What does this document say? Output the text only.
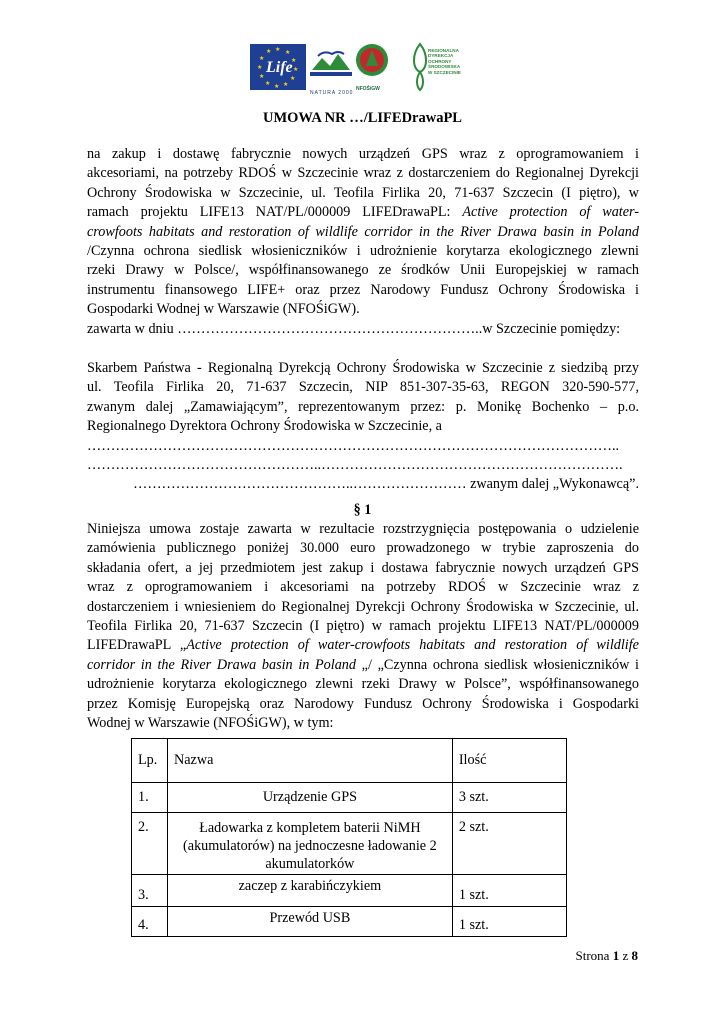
★ ★
★
★
★
★
★
★
★
★
★
★
Life
NATURA 2000
NFOŚiGW
REGIONALNA
DYREKCJA
OCHRONY
ŚRODOWISKA
W SZCZECINIE
UMOWA NR …/LIFEDrawaPL
na zakup i dostawę fabrycznie nowych urządzeń GPS wraz z oprogramowaniem i
akcesoriami, na potrzeby RDOŚ w Szczecinie wraz z dostarczeniem do Regionalnej Dyrekcji
Ochrony Środowiska w Szczecinie, ul. Teofila Firlika 20, 71-637 Szczecin (I piętro), w
ramach projektu LIFE13 NAT/PL/000009 LIFEDrawaPL: Active protection of water-
crowfoots habitats and restoration of wildlife corridor in the River Drawa basin in Poland
/Czynna ochrona siedlisk włosieniczników i udrożnienie korytarza ekologicznego zlewni
rzeki Drawy w Polsce/, współfinansowanego ze środków Unii Europejskiej w ramach
instrumentu finansowego LIFE+ oraz przez Narodowy Fundusz Ochrony Środowiska i
Gospodarki Wodnej w Warszawie (NFOŚiGW).
zawarta w dniu ………………………………………………………..w Szczecinie pomiędzy:
Skarbem Państwa - Regionalną Dyrekcją Ochrony Środowiska w Szczecinie z siedzibą przy
ul. Teofila Firlika 20, 71-637 Szczecin, NIP 851-307-35-63, REGON 320-590-577,
zwanym dalej „Zamawiającym”, reprezentowanym przez: p. Monikę Bochenko – p.o.
Regionalnego Dyrektora Ochrony Środowiska w Szczecinie, a
…………………………………………………………………………………………………..
…………………………………………..……………………………………………………….
………………………………………..…………………… zwanym dalej „Wykonawcą”.
§ 1
Niniejsza umowa zostaje zawarta w rezultacie rozstrzygnięcia postępowania o udzielenie
zamówienia publicznego poniżej 30.000 euro prowadzonego w trybie zaproszenia do
składania ofert, a jej przedmiotem jest zakup i dostawa fabrycznie nowych urządzeń GPS
wraz z oprogramowaniem i akcesoriami na potrzeby RDOŚ w Szczecinie wraz z
dostarczeniem i wniesieniem do Regionalnej Dyrekcji Ochrony Środowiska w Szczecinie, ul.
Teofila Firlika 20, 71-637 Szczecin (I piętro) w ramach projektu LIFE13 NAT/PL/000009
LIFEDrawaPL „Active protection of water-crowfoots habitats and restoration of wildlife
corridor in the River Drawa basin in Poland „/ „Czynna ochrona siedlisk włosieniczników i
udrożnienie korytarza ekologicznego zlewni rzeki Drawy w Polsce”, współfinansowanego
przez Komisję Europejską oraz Narodowy Fundusz Ochrony Środowiska i Gospodarki
Wodnej w Warszawie (NFOŚiGW), w tym:
Lp.	Nazwa	Ilość
1.	Urządzenie GPS	3 szt.
2.	Ładowarka z kompletem baterii NiMH (akumulatorów) na jednoczesne ładowanie 2 akumulatorków	2 szt.
3.	zaczep z karabińczykiem	1 szt.
4.	Przewód USB	1 szt.
Strona 1 z 8
